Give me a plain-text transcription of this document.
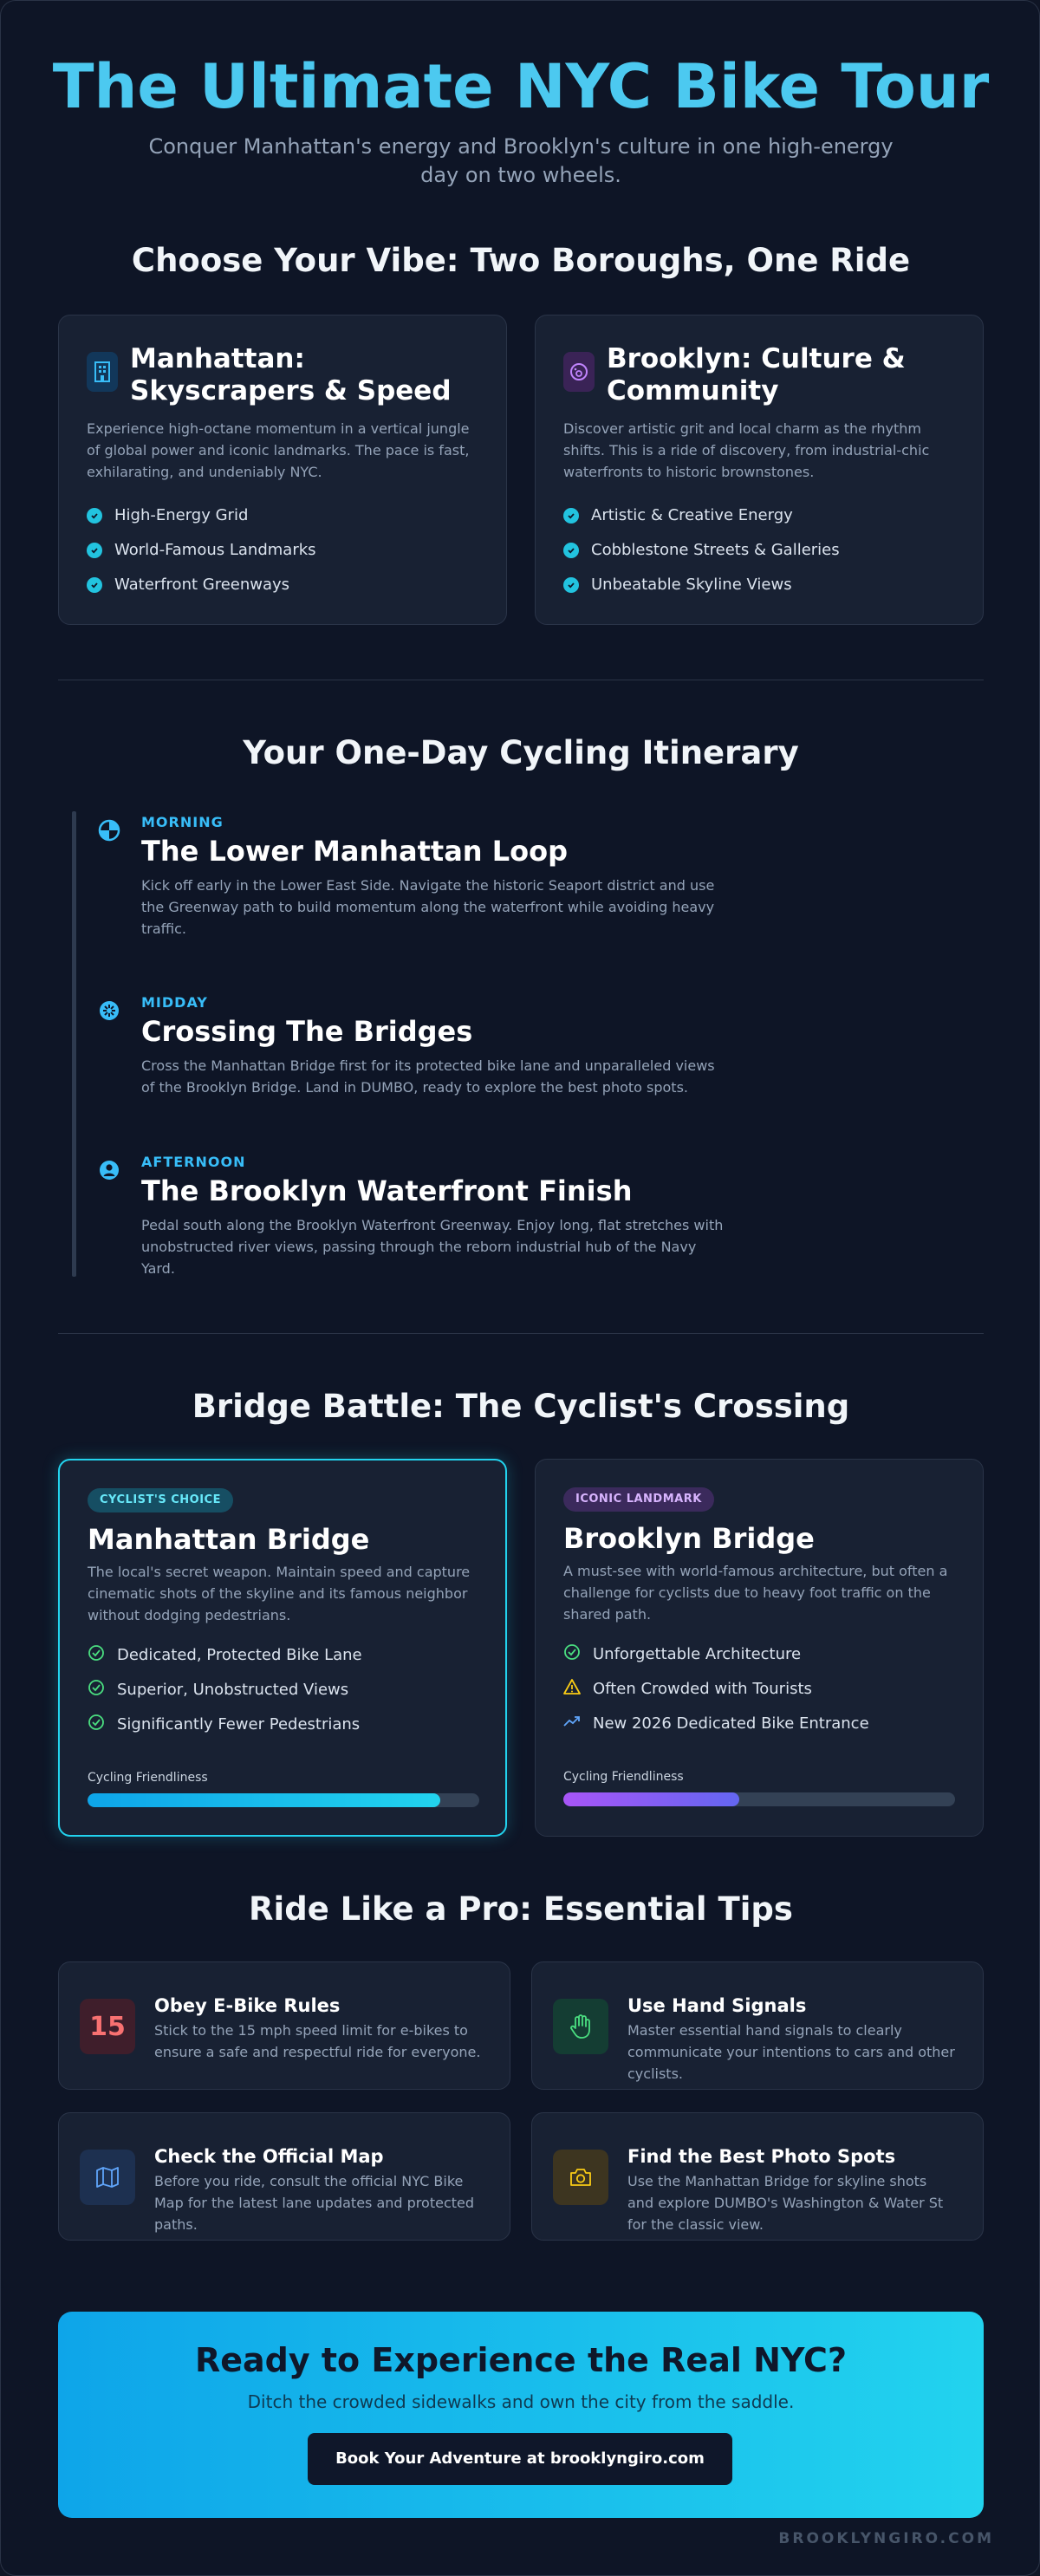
The Ultimate NYC Bike Tour

Conquer Manhattan's energy and Brooklyn's culture in one high-energy day on two wheels.

Choose Your Vibe: Two Boroughs, One Ride
Manhattan: Skyscrapers & Speed
Experience high-octane momentum in a vertical jungle of global power and iconic landmarks. The pace is fast, exhilarating, and undeniably NYC.
High-Energy Grid
World-Famous Landmarks
Waterfront Greenways
Brooklyn: Culture & Community
Discover artistic grit and local charm as the rhythm shifts. This is a ride of discovery, from industrial-chic waterfronts to historic brownstones.
Artistic & Creative Energy
Cobblestone Streets & Galleries
Unbeatable Skyline Views
Your One-Day Cycling Itinerary
MORNING
The Lower Manhattan Loop
Kick off early in the Lower East Side. Navigate the historic Seaport district and use the Greenway path to build momentum along the waterfront while avoiding heavy traffic.
MIDDAY
Crossing The Bridges
Cross the Manhattan Bridge first for its protected bike lane and unparalleled views of the Brooklyn Bridge. Land in DUMBO, ready to explore the best photo spots.
AFTERNOON
The Brooklyn Waterfront Finish
Pedal south along the Brooklyn Waterfront Greenway. Enjoy long, flat stretches with unobstructed river views, passing through the reborn industrial hub of the Navy Yard.
Bridge Battle: The Cyclist's Crossing
CYCLIST'S CHOICE
Manhattan Bridge
The local's secret weapon. Maintain speed and capture cinematic shots of the skyline and its famous neighbor without dodging pedestrians.
Dedicated, Protected Bike Lane
Superior, Unobstructed Views
Significantly Fewer Pedestrians
Cycling Friendliness
ICONIC LANDMARK
Brooklyn Bridge
A must-see with world-famous architecture, but often a challenge for cyclists due to heavy foot traffic on the shared path.
Unforgettable Architecture
Often Crowded with Tourists
New 2026 Dedicated Bike Entrance
Cycling Friendliness
Ride Like a Pro: Essential Tips
15
Obey E-Bike Rules
Stick to the 15 mph speed limit for e-bikes to ensure a safe and respectful ride for everyone.
Use Hand Signals
Master essential hand signals to clearly communicate your intentions to cars and other cyclists.
Check the Official Map
Before you ride, consult the official NYC Bike Map for the latest lane updates and protected paths.
Find the Best Photo Spots
Use the Manhattan Bridge for skyline shots and explore DUMBO's Washington & Water St for the classic view.
Ready to Experience the Real NYC?
Ditch the crowded sidewalks and own the city from the saddle.
Book Your Adventure at brooklyngiro.com
BROOKLYNGIRO.COM
